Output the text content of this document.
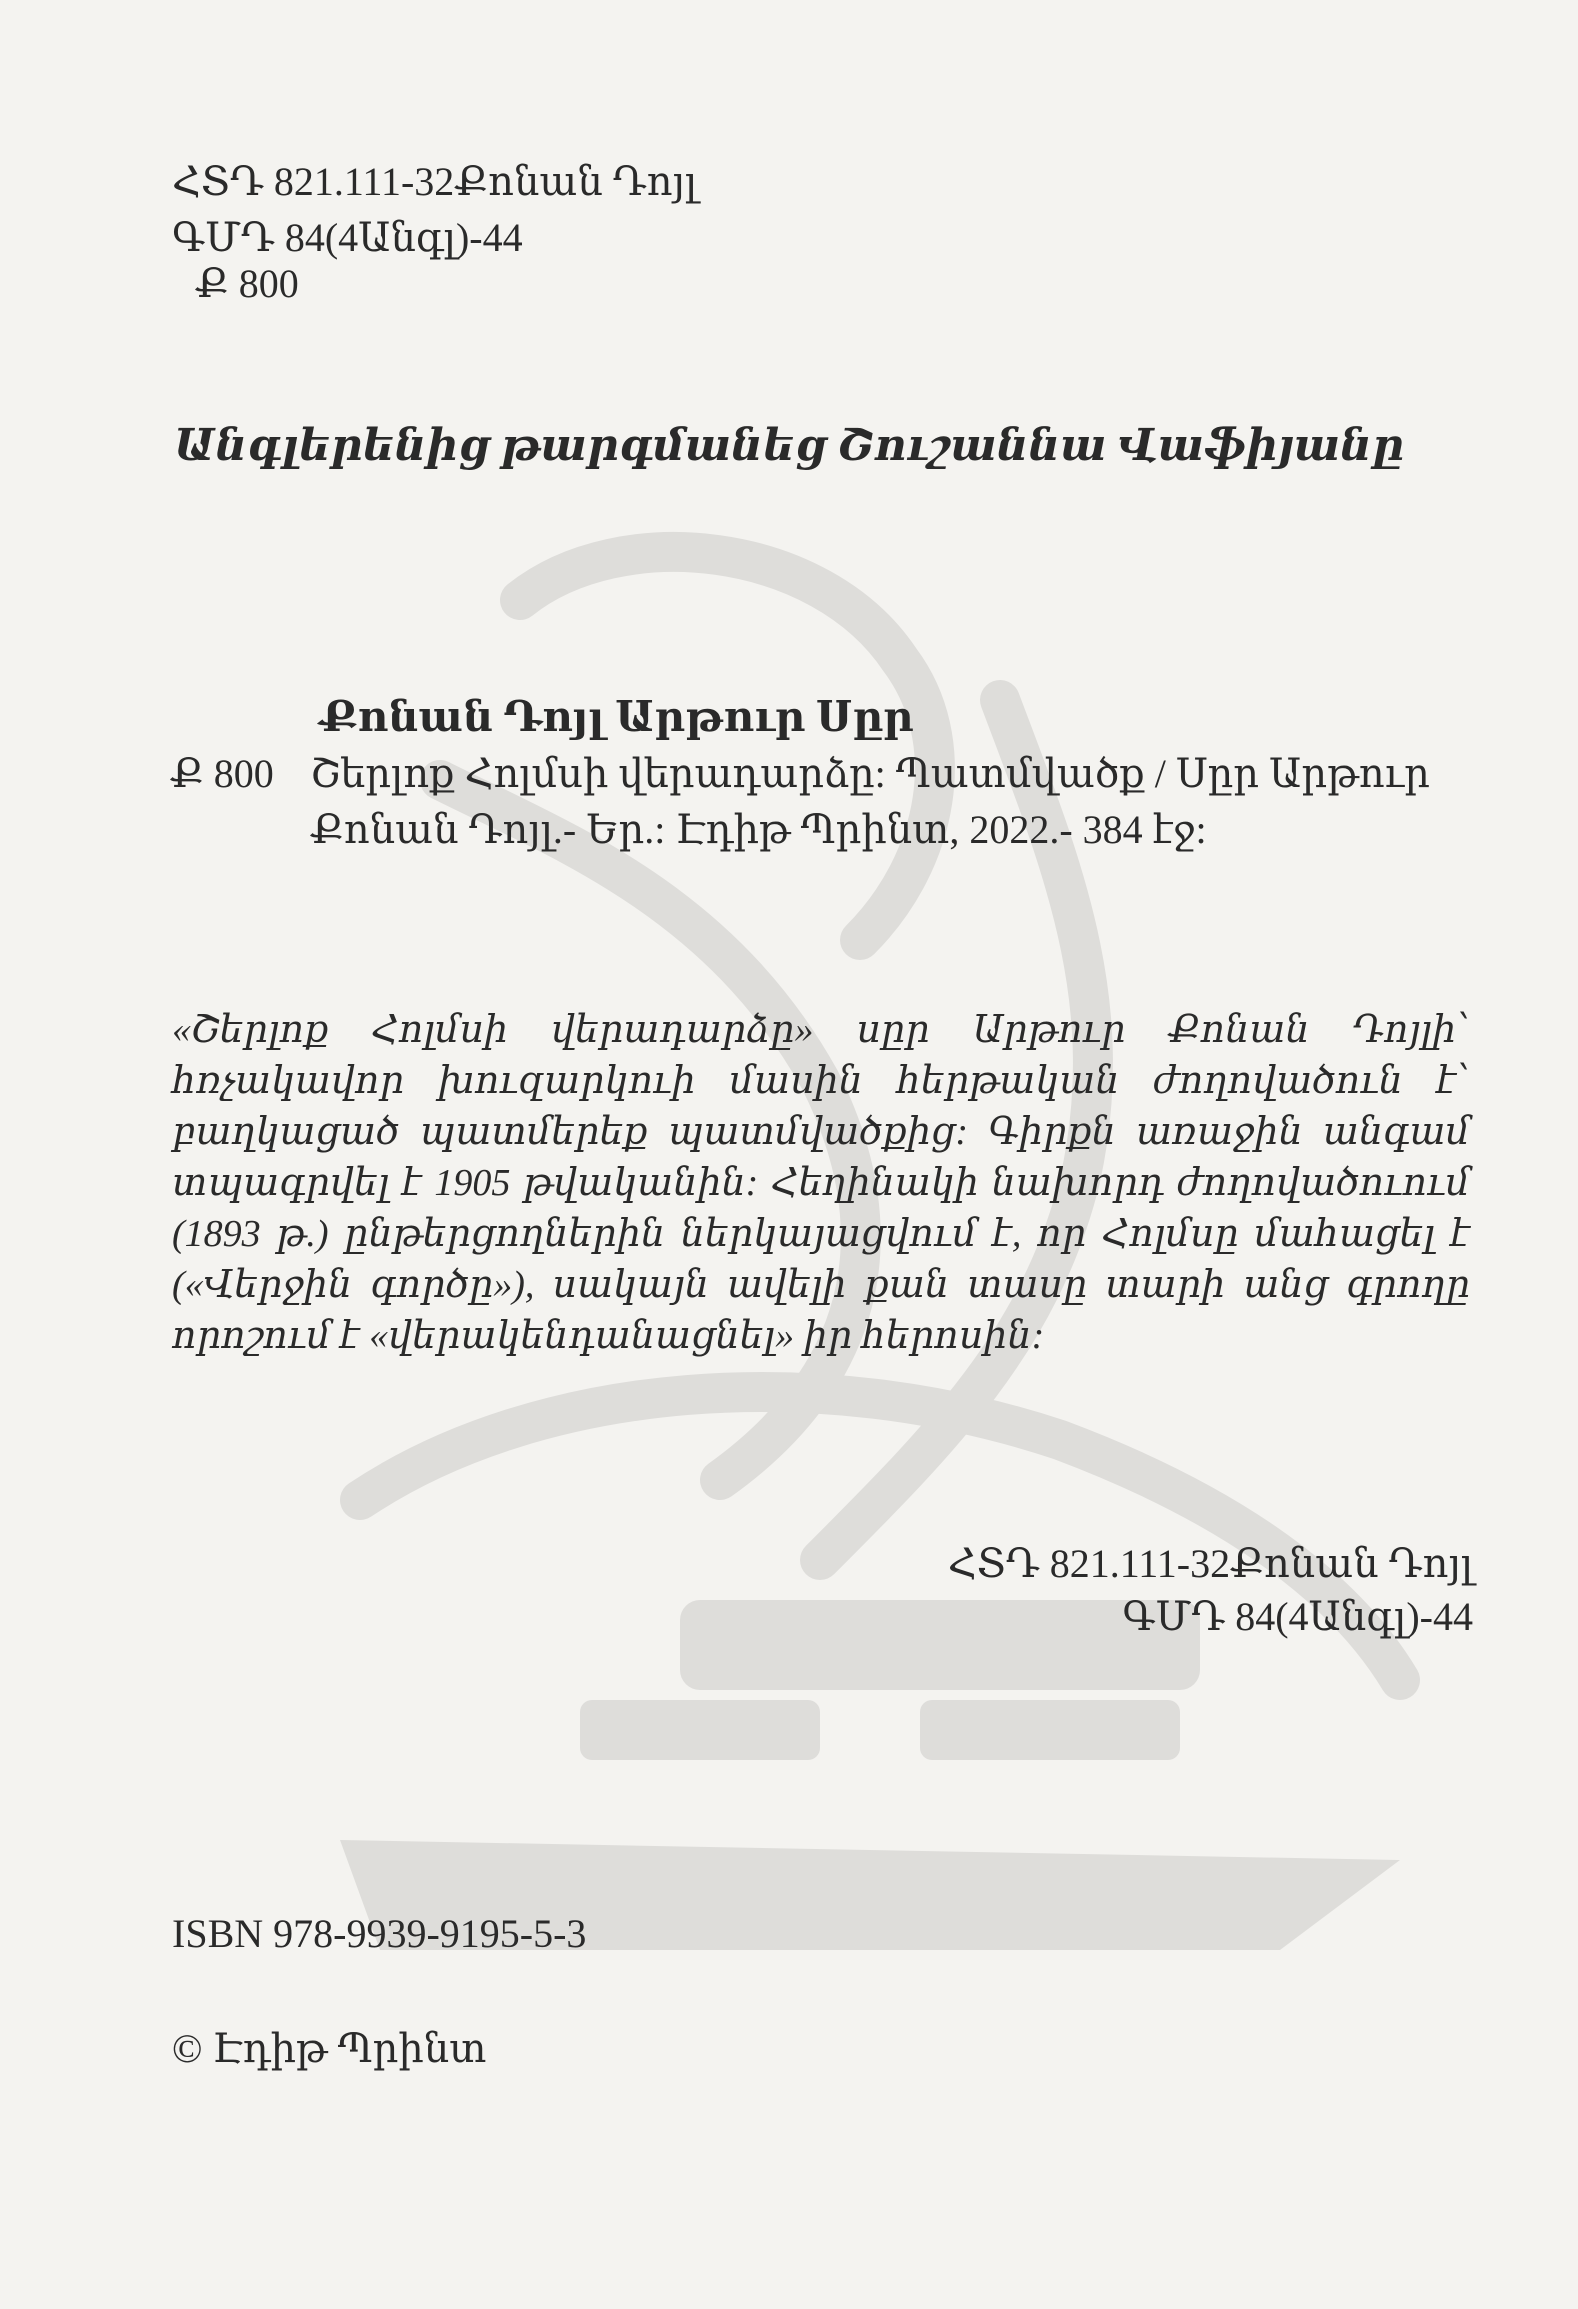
ՀՏԴ 821.111-32Քոնան Դոյլ
ԳՄԴ 84(4Անգլ)-44
Ք 800
Անգլերենից թարգմանեց Շուշաննա Վաֆիյանը
Քոնան Դոյլ Արթուր Սըր
Ք 800 Շերլոք Հոլմսի վերադարձը: Պատմվածք / Սըր Արթուր
Քոնան Դոյլ.- Եր.: Էդիթ Պրինտ, 2022.- 384 էջ:
«Շերլոք Հոլմսի վերադարձը» սըր Արթուր Քոնան Դոյլի՝ հռչակավոր խուզարկուի մասին հերթական ժողովածուն է՝ բաղկացած պատմերեք պատմվածքից: Գիրքն առաջին անգամ տպագրվել է 1905 թվականին: Հեղինակի նախորդ ժողովածուում (1893 թ.) ընթերցողներին ներկայացվում է, որ Հոլմսը մահացել է («Վերջին գործը»), սակայն ավելի քան տասը տարի անց գրողը որոշում է «վերակենդանացնել» իր հերոսին:
ՀՏԴ 821.111-32Քոնան Դոյլ
ԳՄԴ 84(4Անգլ)-44
ISBN 978-9939-9195-5-3
© Էդիթ Պրինտ
